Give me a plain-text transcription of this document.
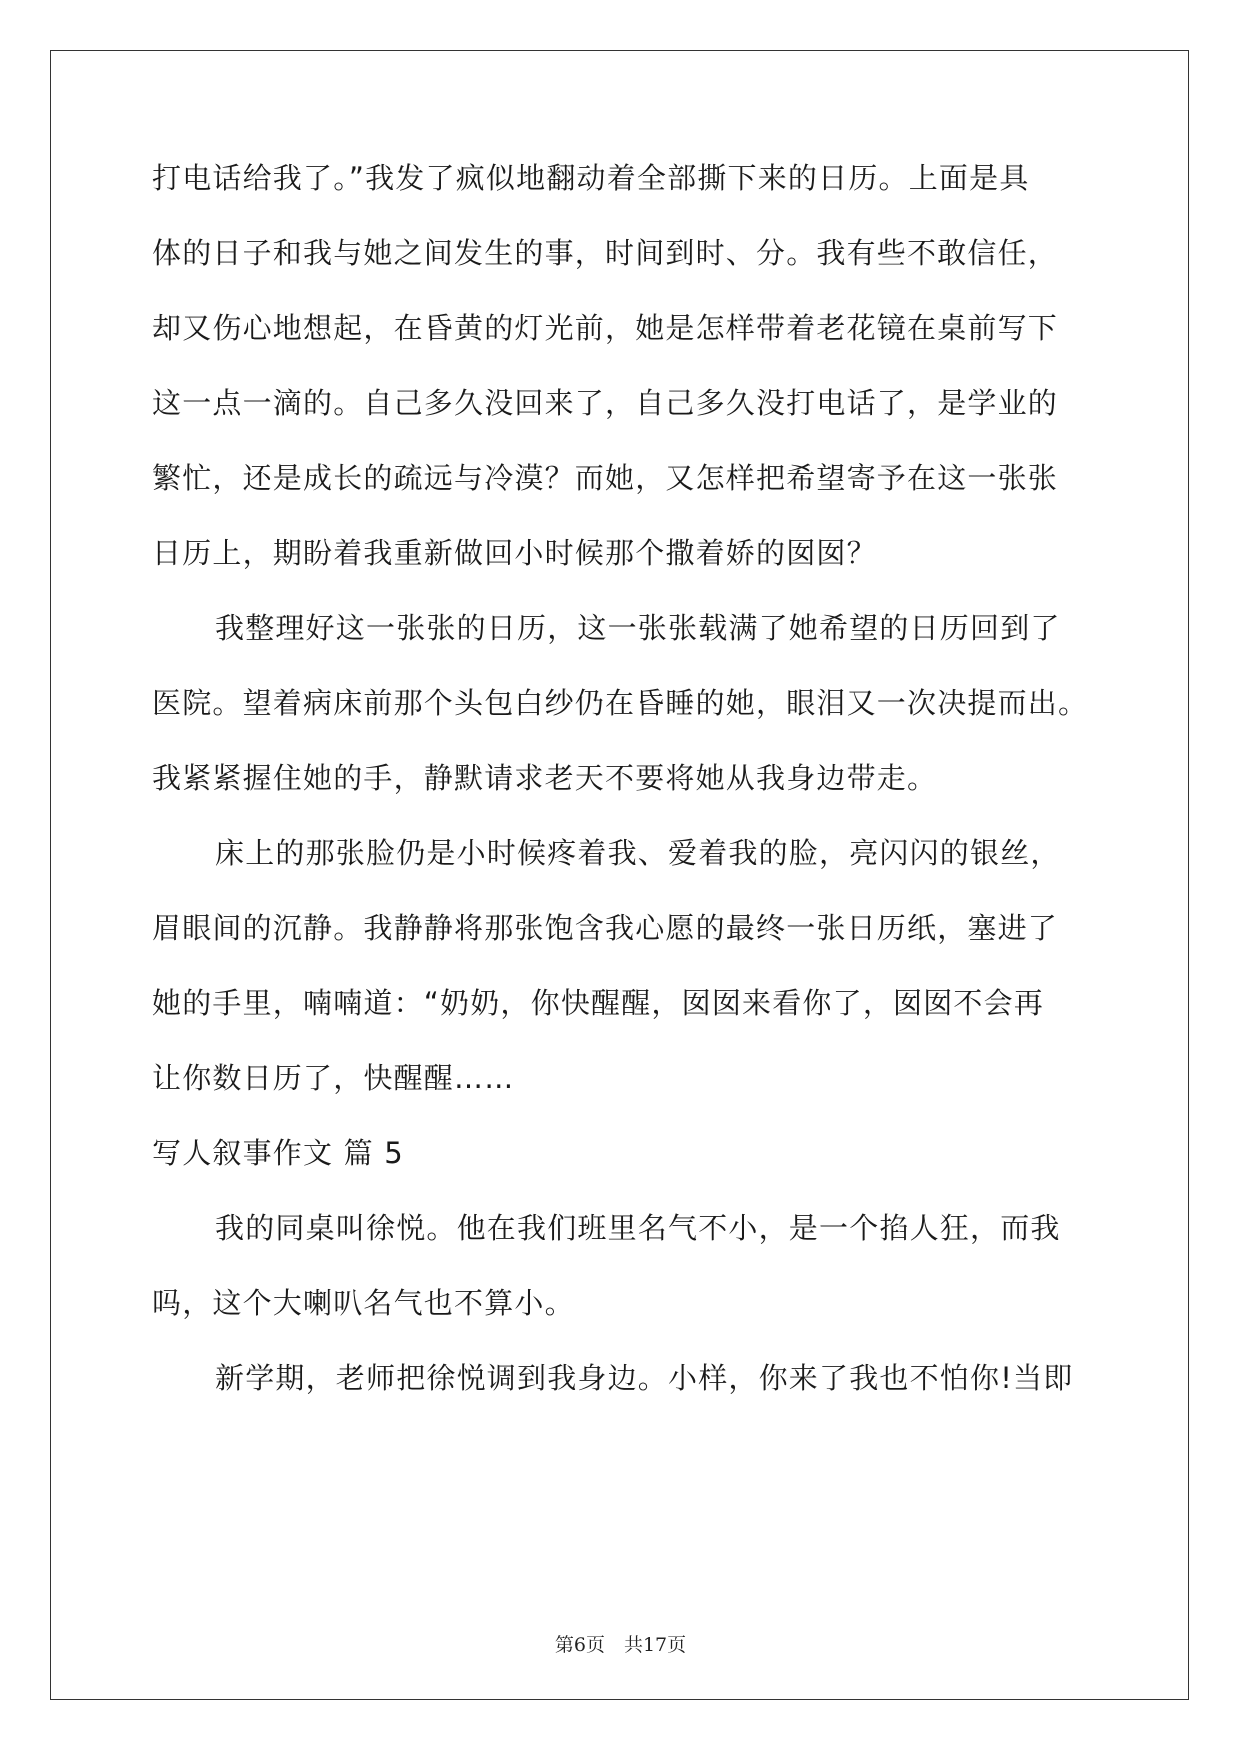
打电话给我了。”我发了疯似地翻动着全部撕下来的日历。上面是具
体的日子和我与她之间发生的事，时间到时、分。我有些不敢信任，
却又伤心地想起，在昏黄的灯光前，她是怎样带着老花镜在桌前写下
这一点一滴的。自己多久没回来了，自己多久没打电话了，是学业的
繁忙，还是成长的疏远与冷漠？而她，又怎样把希望寄予在这一张张
日历上，期盼着我重新做回小时候那个撒着娇的囡囡？
我整理好这一张张的日历，这一张张载满了她希望的日历回到了
医院。望着病床前那个头包白纱仍在昏睡的她，眼泪又一次决提而出。
我紧紧握住她的手，静默请求老天不要将她从我身边带走。
床上的那张脸仍是小时候疼着我、爱着我的脸，亮闪闪的银丝，
眉眼间的沉静。我静静将那张饱含我心愿的最终一张日历纸，塞进了
她的手里，喃喃道：“奶奶，你快醒醒，囡囡来看你了，囡囡不会再
让你数日历了，快醒醒……
写人叙事作文 篇 5
我的同桌叫徐悦。他在我们班里名气不小，是一个掐人狂，而我
吗，这个大喇叭名气也不算小。
新学期，老师把徐悦调到我身边。小样，你来了我也不怕你!当即
第6页　共17页
